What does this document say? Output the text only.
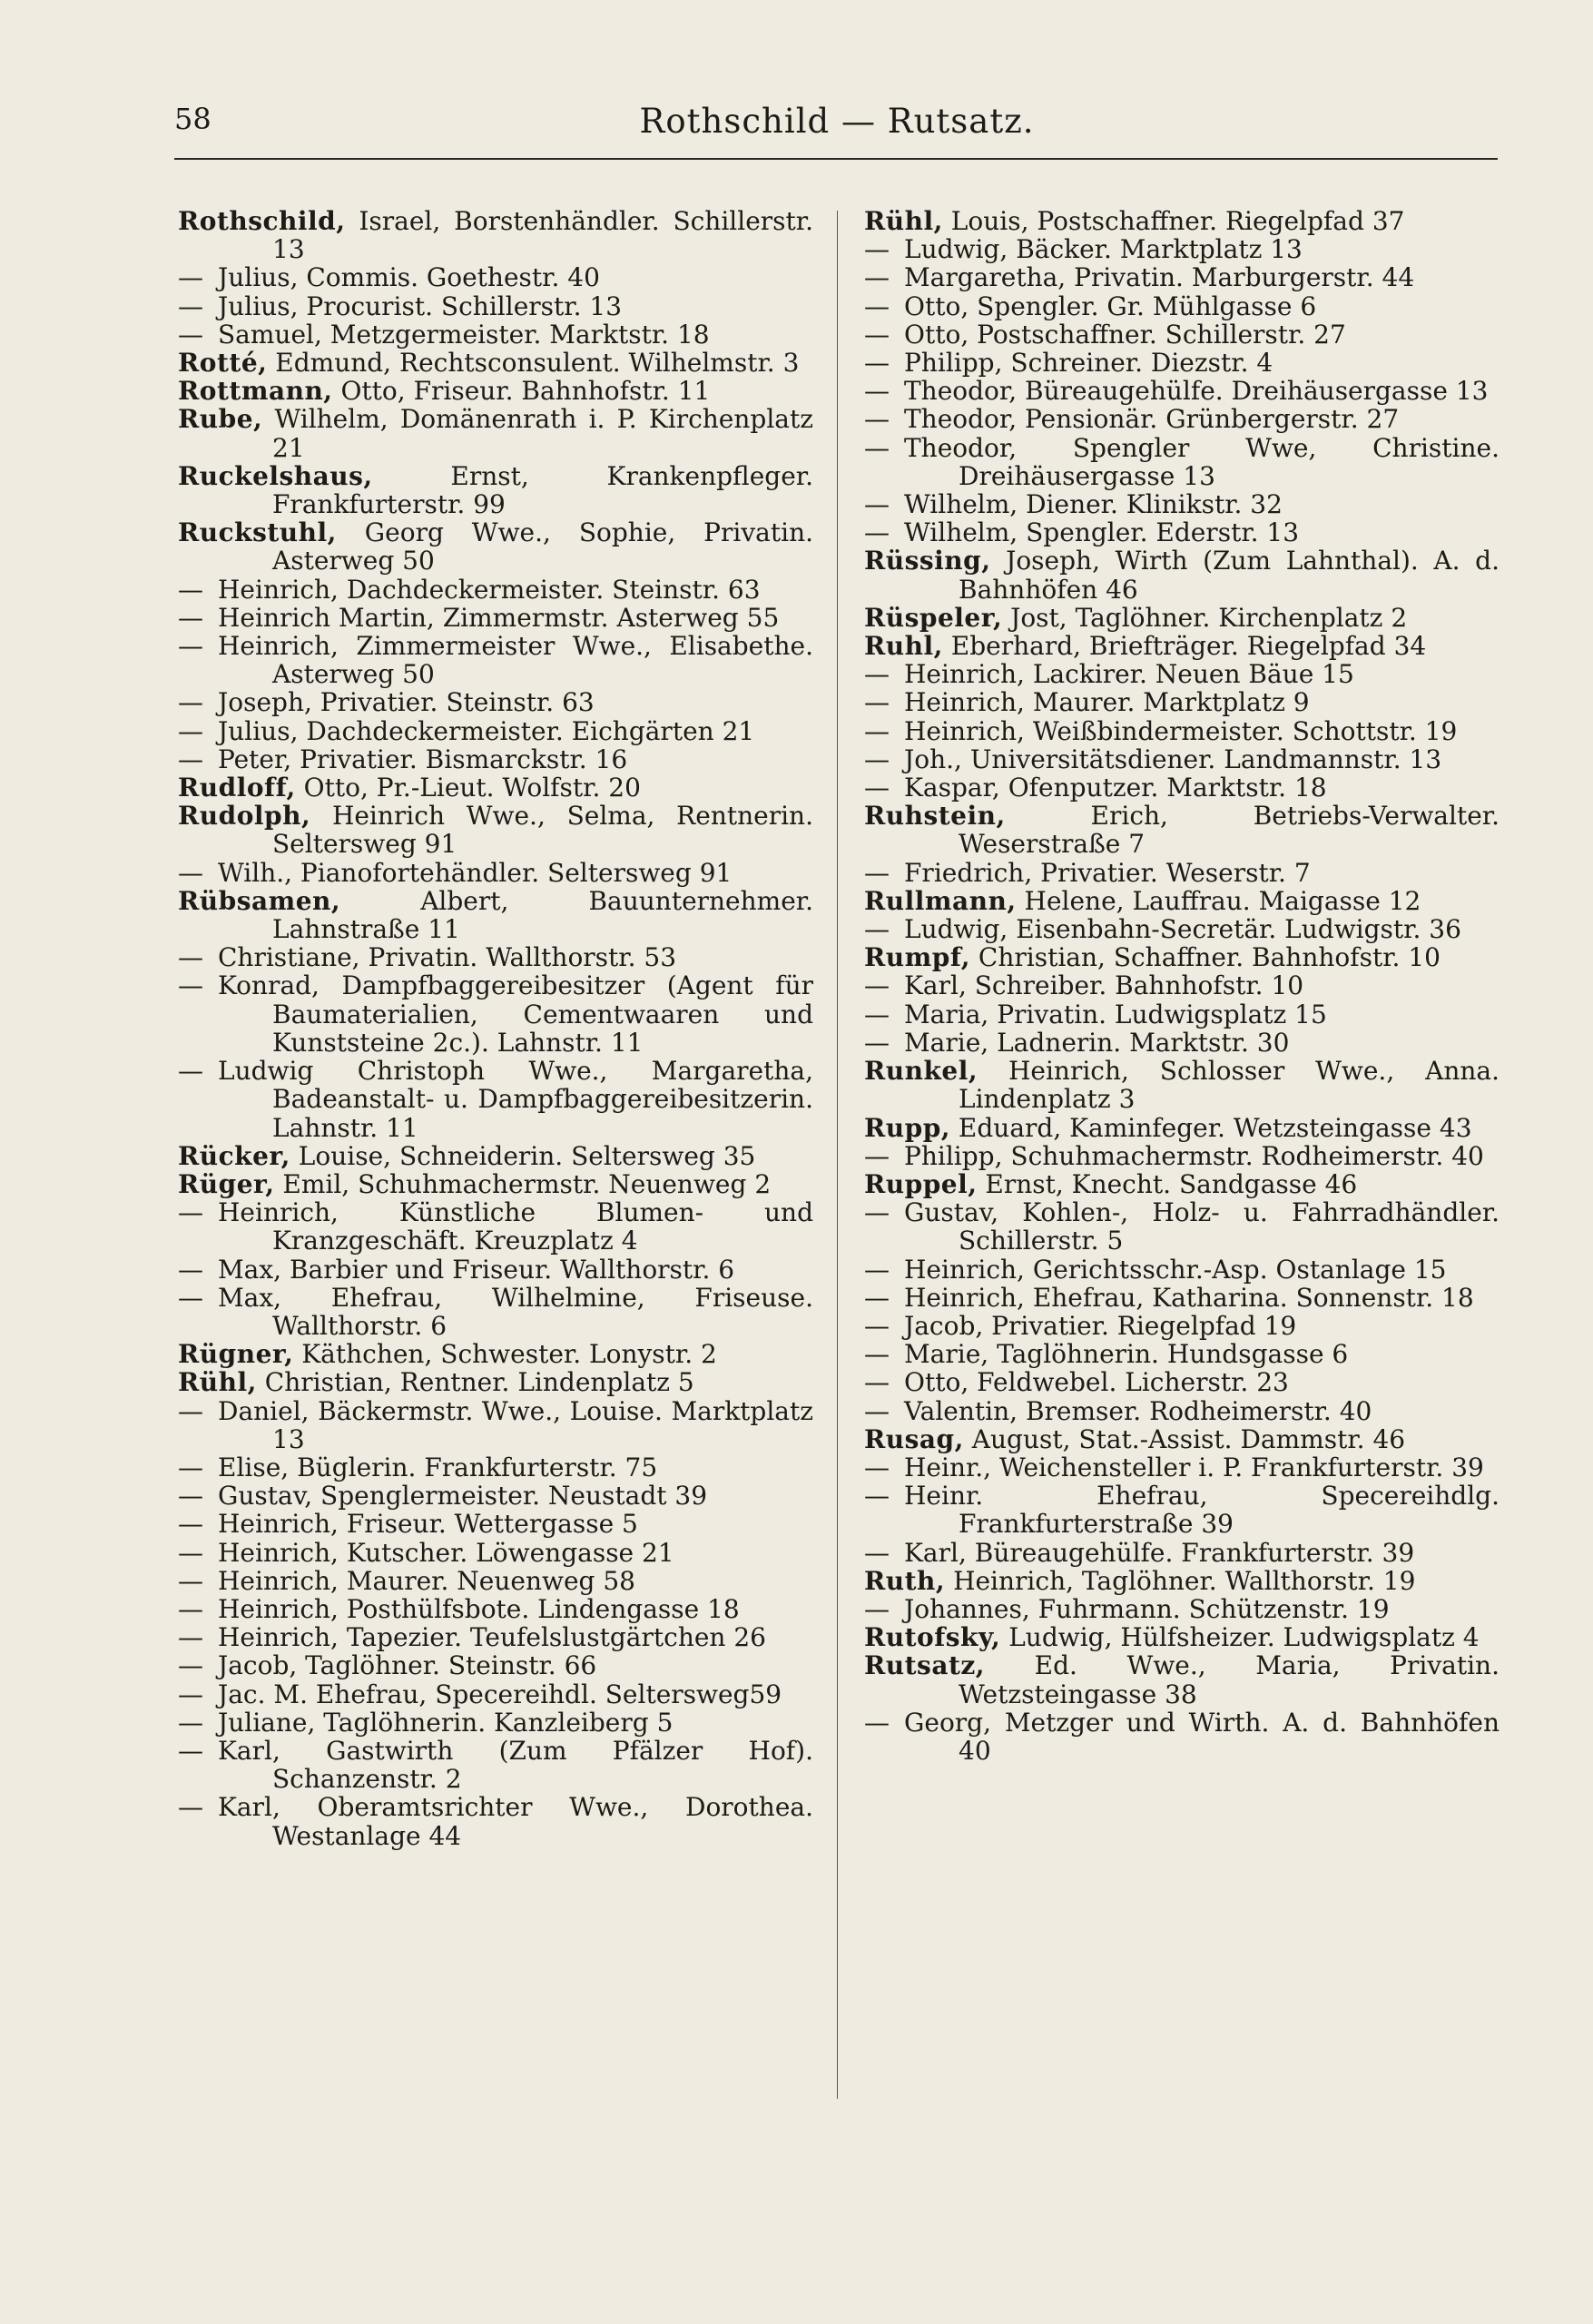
58	Rothschild — Rutsatz.
Rothschild, Israel, Borstenhändler. Schillerstr. 13
— Julius, Commis. Goethestr. 40
— Julius, Procurist. Schillerstr. 13
— Samuel, Metzgermeister. Marktstr. 18
Rotté, Edmund, Rechtsconsulent. Wilhelmstr. 3
Rottmann, Otto, Friseur. Bahnhofstr. 11
Rube, Wilhelm, Domänenrath i. P. Kirchenplatz 21
Ruckelshaus, Ernst, Krankenpfleger. Frankfurterstr. 99
Ruckstuhl, Georg Wwe., Sophie, Privatin. Asterweg 50
— Heinrich, Dachdeckermeister. Steinstr. 63
— Heinrich Martin, Zimmermstr. Asterweg 55
— Heinrich, Zimmermeister Wwe., Elisabethe. Asterweg 50
— Joseph, Privatier. Steinstr. 63
— Julius, Dachdeckermeister. Eichgärten 21
— Peter, Privatier. Bismarckstr. 16
Rudloff, Otto, Pr.-Lieut. Wolfstr. 20
Rudolph, Heinrich Wwe., Selma, Rentnerin. Seltersweg 91
— Wilh., Pianofortehändler. Seltersweg 91
Rübsamen, Albert, Bauunternehmer. Lahnstraße 11
— Christiane, Privatin. Wallthorstr. 53
— Konrad, Dampfbaggereibesitzer (Agent für Baumaterialien, Cementwaaren und Kunststeine 2c.). Lahnstr. 11
— Ludwig Christoph Wwe., Margaretha, Badeanstalt- u. Dampfbaggereibesitzerin. Lahnstr. 11
Rücker, Louise, Schneiderin. Seltersweg 35
Rüger, Emil, Schuhmachermstr. Neuenweg 2
— Heinrich, Künstliche Blumen- und Kranzgeschäft. Kreuzplatz 4
— Max, Barbier und Friseur. Wallthorstr. 6
— Max, Ehefrau, Wilhelmine, Friseuse. Wallthorstr. 6
Rügner, Käthchen, Schwester. Lonystr. 2
Rühl, Christian, Rentner. Lindenplatz 5
— Daniel, Bäckermstr. Wwe., Louise. Marktplatz 13
— Elise, Büglerin. Frankfurterstr. 75
— Gustav, Spenglermeister. Neustadt 39
— Heinrich, Friseur. Wettergasse 5
— Heinrich, Kutscher. Löwengasse 21
— Heinrich, Maurer. Neuenweg 58
— Heinrich, Posthülfsbote. Lindengasse 18
— Heinrich, Tapezier. Teufelslustgärtchen 26
— Jacob, Taglöhner. Steinstr. 66
— Jac. M. Ehefrau, Specereihdl. Seltersweg59
— Juliane, Taglöhnerin. Kanzleiberg 5
— Karl, Gastwirth (Zum Pfälzer Hof). Schanzenstr. 2
— Karl, Oberamtsrichter Wwe., Dorothea. Westanlage 44
Rühl, Louis, Postschaffner. Riegelpfad 37
— Ludwig, Bäcker. Marktplatz 13
— Margaretha, Privatin. Marburgerstr. 44
— Otto, Spengler. Gr. Mühlgasse 6
— Otto, Postschaffner. Schillerstr. 27
— Philipp, Schreiner. Diezstr. 4
— Theodor, Büreaugehülfe. Dreihäusergasse 13
— Theodor, Pensionär. Grünbergerstr. 27
— Theodor, Spengler Wwe, Christine. Dreihäusergasse 13
— Wilhelm, Diener. Klinikstr. 32
— Wilhelm, Spengler. Ederstr. 13
Rüssing, Joseph, Wirth (Zum Lahnthal). A. d. Bahnhöfen 46
Rüspeler, Jost, Taglöhner. Kirchenplatz 2
Ruhl, Eberhard, Briefträger. Riegelpfad 34
— Heinrich, Lackirer. Neuen Bäue 15
— Heinrich, Maurer. Marktplatz 9
— Heinrich, Weißbindermeister. Schottstr. 19
— Joh., Universitätsdiener. Landmannstr. 13
— Kaspar, Ofenputzer. Marktstr. 18
Ruhstein, Erich, Betriebs-Verwalter. Weserstraße 7
— Friedrich, Privatier. Weserstr. 7
Rullmann, Helene, Lauffrau. Maigasse 12
— Ludwig, Eisenbahn-Secretär. Ludwigstr. 36
Rumpf, Christian, Schaffner. Bahnhofstr. 10
— Karl, Schreiber. Bahnhofstr. 10
— Maria, Privatin. Ludwigsplatz 15
— Marie, Ladnerin. Marktstr. 30
Runkel, Heinrich, Schlosser Wwe., Anna. Lindenplatz 3
Rupp, Eduard, Kaminfeger. Wetzsteingasse 43
— Philipp, Schuhmachermstr. Rodheimerstr. 40
Ruppel, Ernst, Knecht. Sandgasse 46
— Gustav, Kohlen-, Holz- u. Fahrradhändler. Schillerstr. 5
— Heinrich, Gerichtsschr.-Asp. Ostanlage 15
— Heinrich, Ehefrau, Katharina. Sonnenstr. 18
— Jacob, Privatier. Riegelpfad 19
— Marie, Taglöhnerin. Hundsgasse 6
— Otto, Feldwebel. Licherstr. 23
— Valentin, Bremser. Rodheimerstr. 40
Rusag, August, Stat.-Assist. Dammstr. 46
— Heinr., Weichensteller i. P. Frankfurterstr. 39
— Heinr. Ehefrau, Specereihdlg. Frankfurterstraße 39
— Karl, Büreaugehülfe. Frankfurterstr. 39
Ruth, Heinrich, Taglöhner. Wallthorstr. 19
— Johannes, Fuhrmann. Schützenstr. 19
Rutofsky, Ludwig, Hülfsheizer. Ludwigsplatz 4
Rutsatz, Ed. Wwe., Maria, Privatin. Wetzsteingasse 38
— Georg, Metzger und Wirth. A. d. Bahnhöfen 40
